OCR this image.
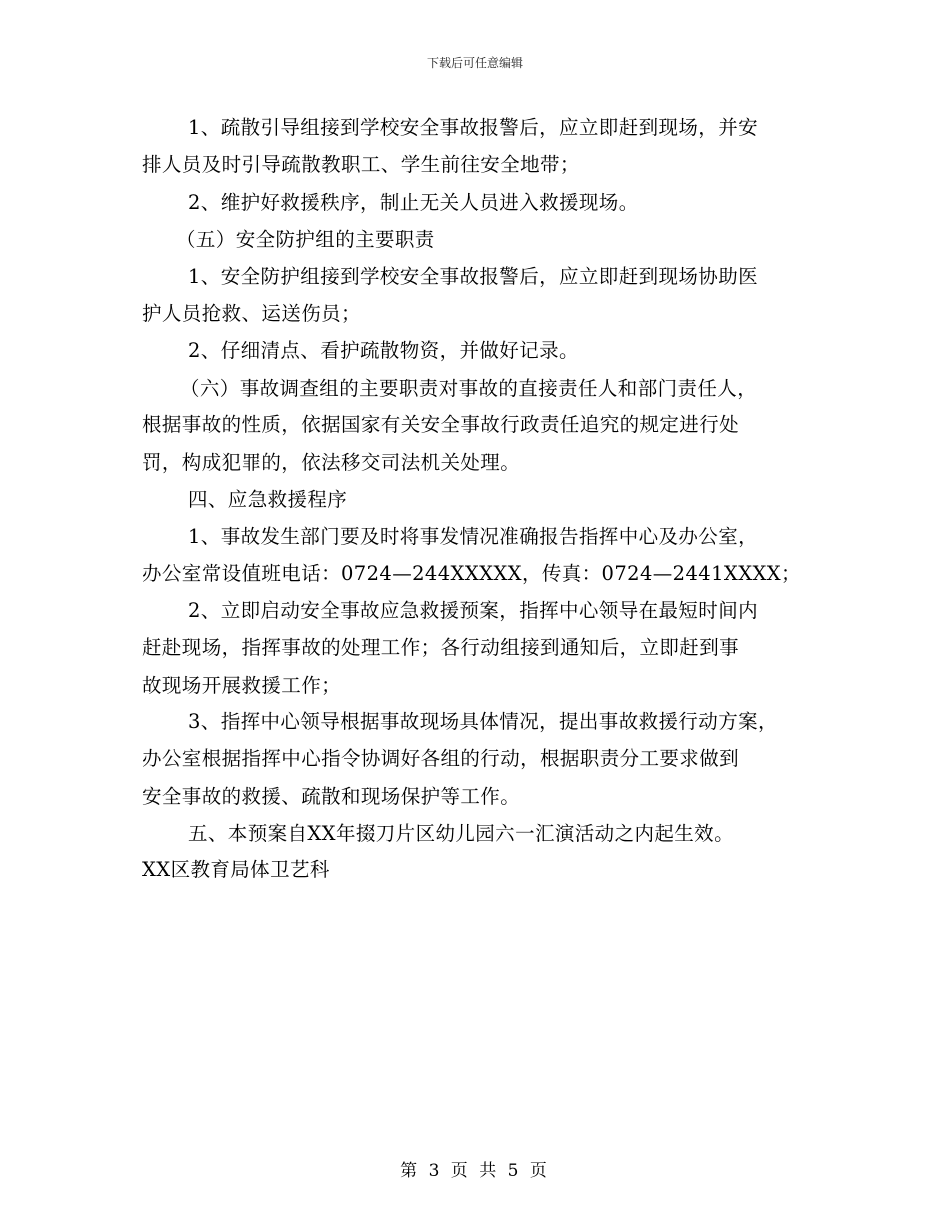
下载后可任意编辑
1、疏散引导组接到学校安全事故报警后，应立即赶到现场，并安
排人员及时引导疏散教职工、学生前往安全地带；
2、维护好救援秩序，制止无关人员进入救援现场。
（五）安全防护组的主要职责
1、安全防护组接到学校安全事故报警后，应立即赶到现场协助医
护人员抢救、运送伤员；
2、仔细清点、看护疏散物资，并做好记录。
（六）事故调查组的主要职责对事故的直接责任人和部门责任人，
根据事故的性质，依据国家有关安全事故行政责任追究的规定进行处
罚，构成犯罪的，依法移交司法机关处理。
四、应急救援程序
1、事故发生部门要及时将事发情况准确报告指挥中心及办公室，
办公室常设值班电话：0724—244XXXXX，传真：0724—2441XXXX；
2、立即启动安全事故应急救援预案，指挥中心领导在最短时间内
赶赴现场，指挥事故的处理工作；各行动组接到通知后，立即赶到事
故现场开展救援工作；
3、指挥中心领导根据事故现场具体情况，提出事故救援行动方案，
办公室根据指挥中心指令协调好各组的行动，根据职责分工要求做到
安全事故的救援、疏散和现场保护等工作。
五、本预案自XX年掇刀片区幼儿园六一汇演活动之内起生效。
XX区教育局体卫艺科
第 3 页 共 5 页
